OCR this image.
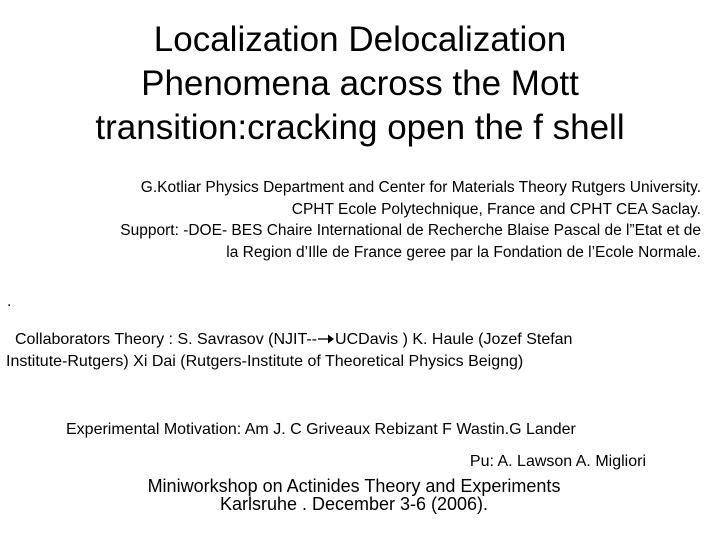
Localization Delocalization
Phenomena across the Mott
transition:cracking open the f shell
G.Kotliar Physics Department and Center for Materials Theory Rutgers University.
CPHT Ecole Polytechnique, France and CPHT CEA Saclay.
Support: -DOE- BES Chaire International de Recherche Blaise Pascal de l”Etat et de
la Region d’Ille de France geree par la Fondation de l’Ecole Normale.
.
Collaborators Theory : S. Savrasov (NJIT-- UCDavis ) K. Haule (Jozef Stefan
Institute-Rutgers) Xi Dai (Rutgers-Institute of Theoretical Physics Beigng)
Experimental Motivation: Am J. C Griveaux Rebizant F Wastin.G Lander
Pu: A. Lawson A. Migliori
Miniworkshop on Actinides Theory and Experiments
Karlsruhe . December 3-6 (2006).
